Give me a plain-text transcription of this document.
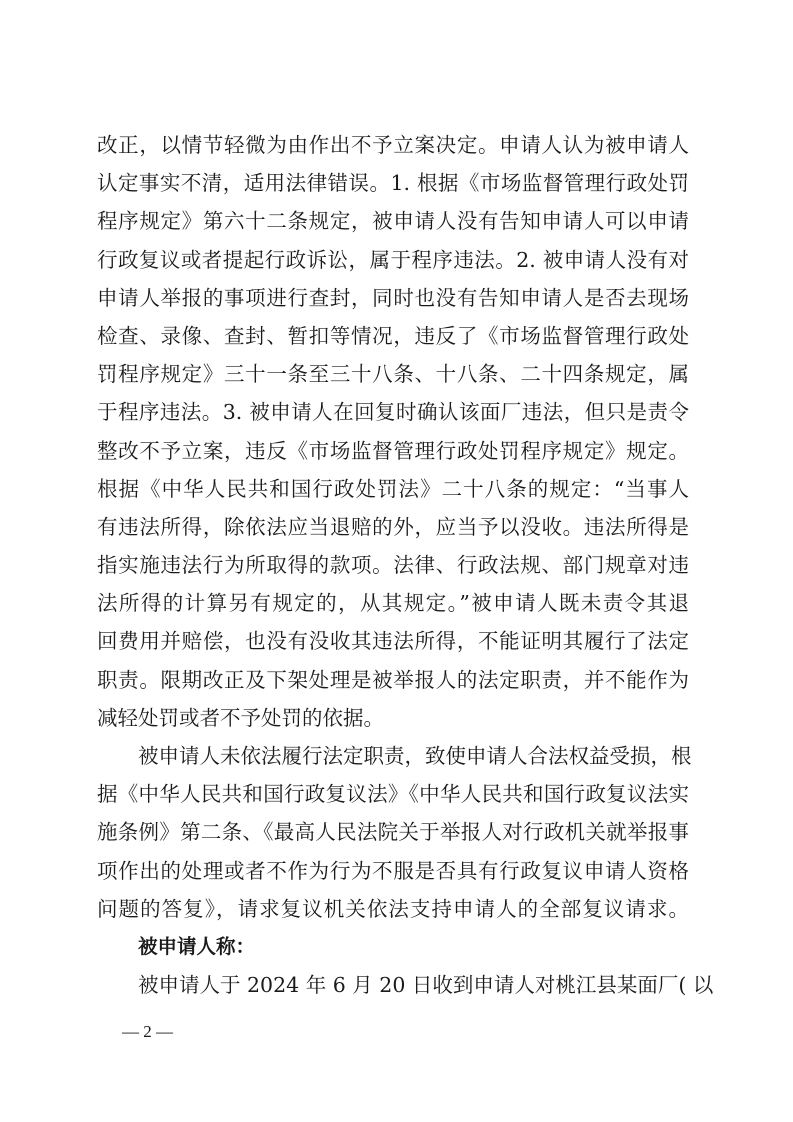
改正，以情节轻微为由作出不予立案决定。申请人认为被申请人
认定事实不清，适用法律错误。1. 根据《市场监督管理行政处罚
程序规定》第六十二条规定，被申请人没有告知申请人可以申请
行政复议或者提起行政诉讼，属于程序违法。2. 被申请人没有对
申请人举报的事项进行查封，同时也没有告知申请人是否去现场
检查、录像、查封、暂扣等情况，违反了《市场监督管理行政处
罚程序规定》三十一条至三十八条、十八条、二十四条规定，属
于程序违法。3. 被申请人在回复时确认该面厂违法，但只是责令
整改不予立案，违反《市场监督管理行政处罚程序规定》规定。
根据《中华人民共和国行政处罚法》二十八条的规定：“当事人
有违法所得，除依法应当退赔的外，应当予以没收。违法所得是
指实施违法行为所取得的款项。法律、行政法规、部门规章对违
法所得的计算另有规定的，从其规定。”被申请人既未责令其退
回费用并赔偿，也没有没收其违法所得，不能证明其履行了法定
职责。限期改正及下架处理是被举报人的法定职责，并不能作为
减轻处罚或者不予处罚的依据。
被申请人未依法履行法定职责，致使申请人合法权益受损，根
据《中华人民共和国行政复议法》《中华人民共和国行政复议法实
施条例》第二条、《最高人民法院关于举报人对行政机关就举报事
项作出的处理或者不作为行为不服是否具有行政复议申请人资格
问题的答复》，请求复议机关依法支持申请人的全部复议请求。
被申请人称：
被申请人于 2024 年 6 月 20 日收到申请人对桃江县某面厂( 以
— 2 —
